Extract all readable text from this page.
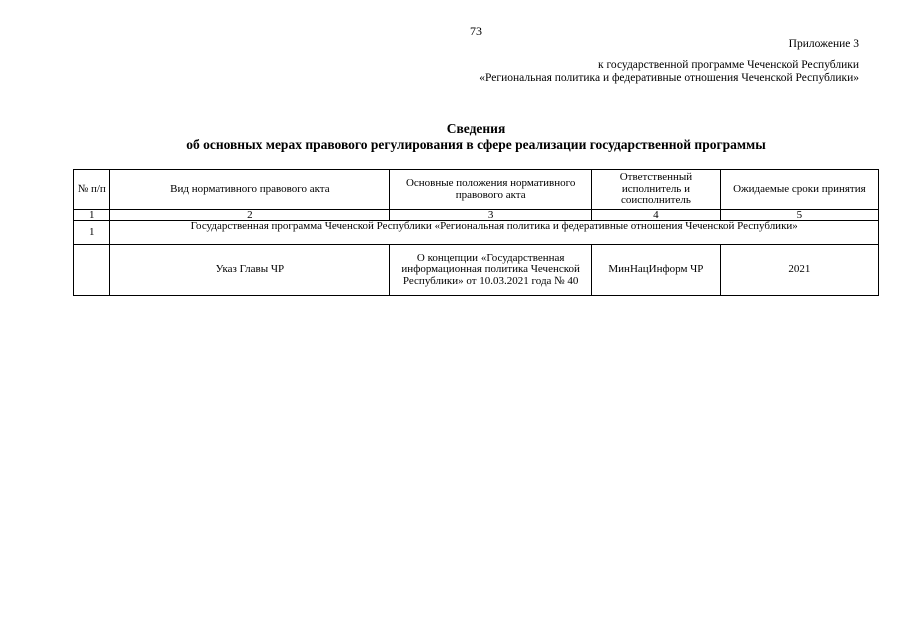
73
Приложение 3
к государственной программе Чеченской Республики
«Региональная политика и федеративные отношения Чеченской Республики»
Сведения
об основных мерах правового регулирования в сфере реализации государственной программы
№ п/п	Вид нормативного правового акта	Основные положения нормативного правового акта	Ответственный исполнитель и соисполнитель	Ожидаемые сроки принятия
1	2	3	4	5
1	Государственная программа Чеченской Республики «Региональная политика и федеративные отношения Чеченской Республики»			
	Указ Главы ЧР	О концепции «Государственная информационная политика Чеченской Республики» от 10.03.2021 года № 40	МинНацИнформ ЧР	2021
